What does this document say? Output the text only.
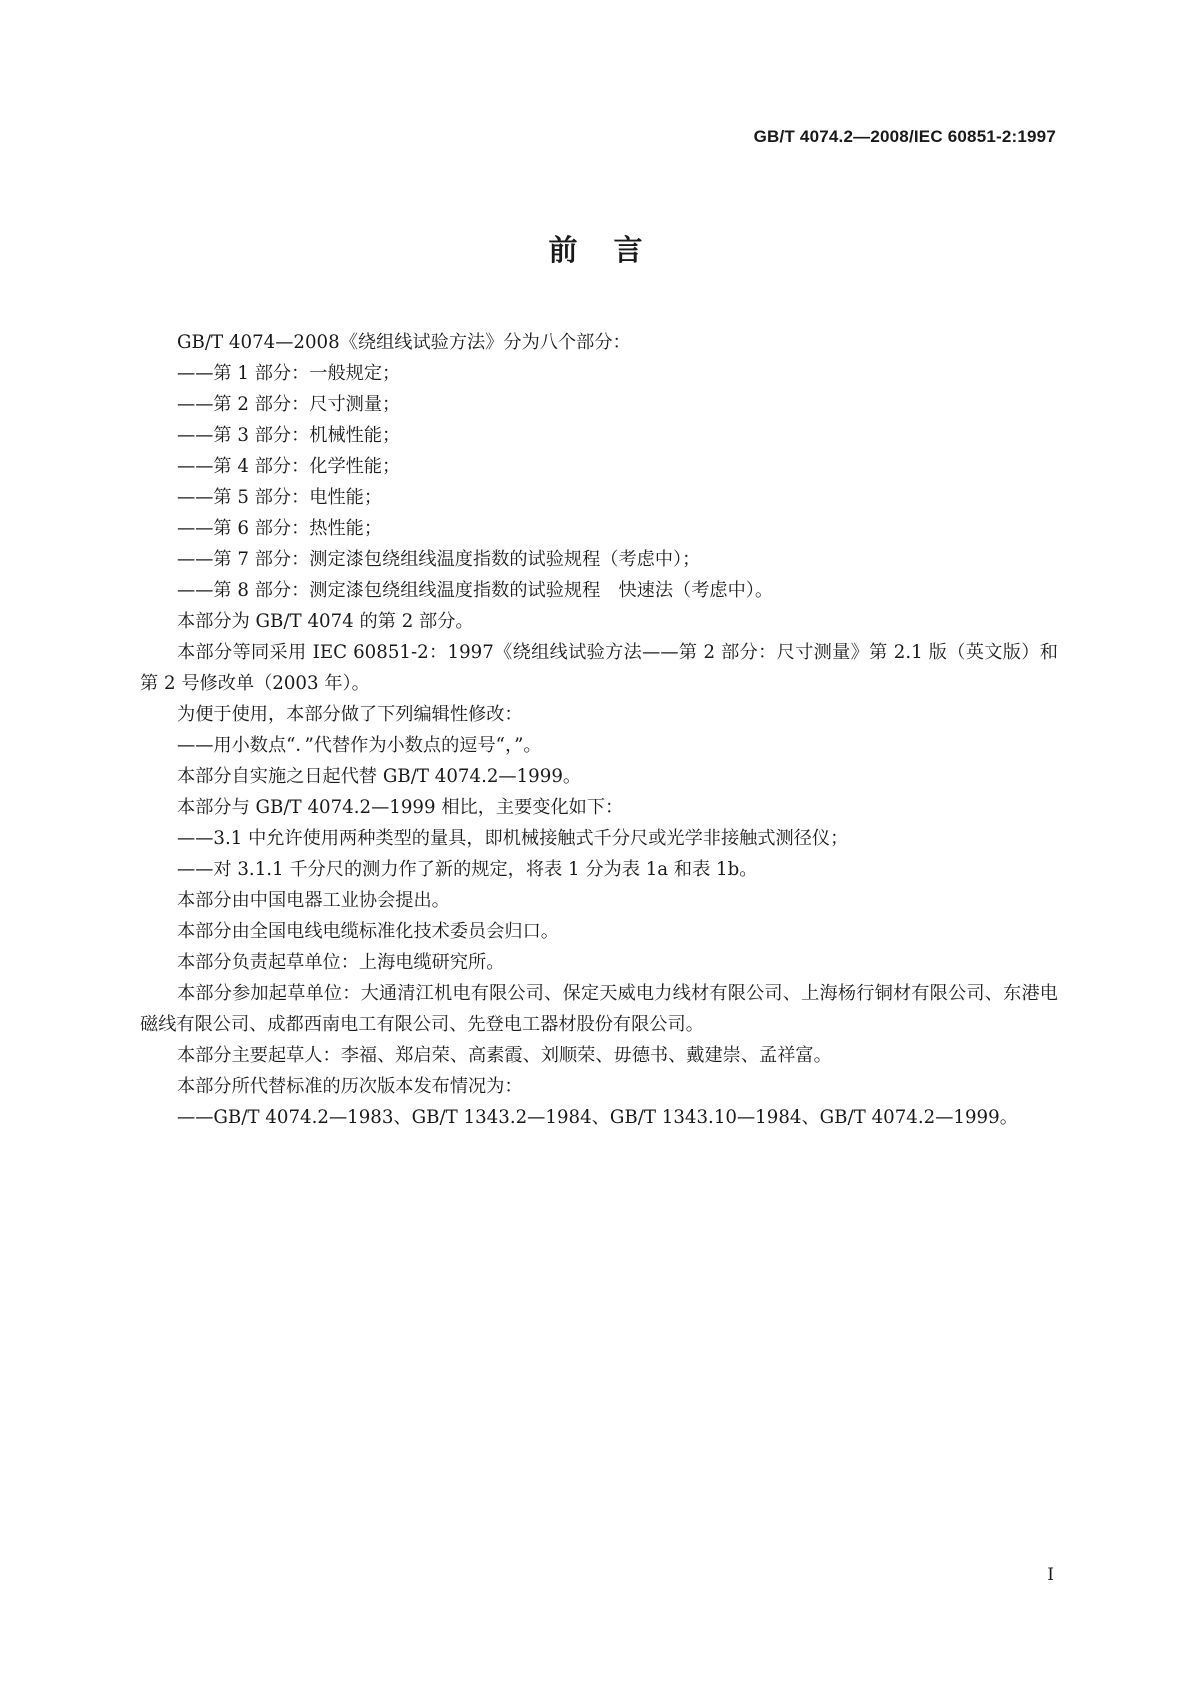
GB/T 4074.2—2008/IEC 60851-2:1997
前言

GB/T 4074—2008《绕组线试验方法》分为八个部分：

——第 1 部分：一般规定；

——第 2 部分：尺寸测量；

——第 3 部分：机械性能；

——第 4 部分：化学性能；

——第 5 部分：电性能；

——第 6 部分：热性能；

——第 7 部分：测定漆包绕组线温度指数的试验规程（考虑中）；

——第 8 部分：测定漆包绕组线温度指数的试验规程　快速法（考虑中）。

本部分为 GB/T 4074 的第 2 部分。

本部分等同采用 IEC 60851-2：1997《绕组线试验方法——第 2 部分：尺寸测量》第 2.1 版（英文版）和第 2 号修改单（2003 年）。

为便于使用，本部分做了下列编辑性修改：

——用小数点“．”代替作为小数点的逗号“，”。

本部分自实施之日起代替 GB/T 4074.2—1999。

本部分与 GB/T 4074.2—1999 相比，主要变化如下：

——3.1 中允许使用两种类型的量具，即机械接触式千分尺或光学非接触式测径仪；

——对 3.1.1 千分尺的测力作了新的规定，将表 1 分为表 1a 和表 1b。

本部分由中国电器工业协会提出。

本部分由全国电线电缆标准化技术委员会归口。

本部分负责起草单位：上海电缆研究所。

本部分参加起草单位：大通清江机电有限公司、保定天威电力线材有限公司、上海杨行铜材有限公司、东港电磁线有限公司、成都西南电工有限公司、先登电工器材股份有限公司。

本部分主要起草人：李福、郑启荣、高素霞、刘顺荣、毋德书、戴建崇、孟祥富。

本部分所代替标准的历次版本发布情况为：

——GB/T 4074.2—1983、GB/T 1343.2—1984、GB/T 1343.10—1984、GB/T 4074.2—1999。

I
